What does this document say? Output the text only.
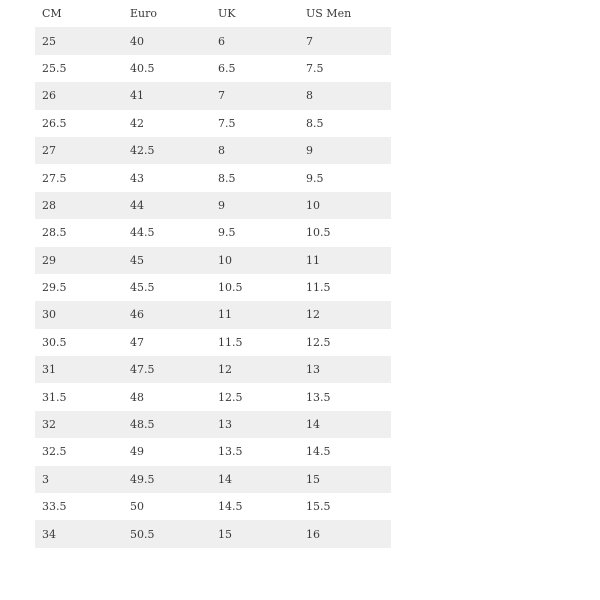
CM	Euro	UK	US Men
25	40	6	7
25.5	40.5	6.5	7.5
26	41	7	8
26.5	42	7.5	8.5
27	42.5	8	9
27.5	43	8.5	9.5
28	44	9	10
28.5	44.5	9.5	10.5
29	45	10	11
29.5	45.5	10.5	11.5
30	46	11	12
30.5	47	11.5	12.5
31	47.5	12	13
31.5	48	12.5	13.5
32	48.5	13	14
32.5	49	13.5	14.5
3	49.5	14	15
33.5	50	14.5	15.5
34	50.5	15	16
